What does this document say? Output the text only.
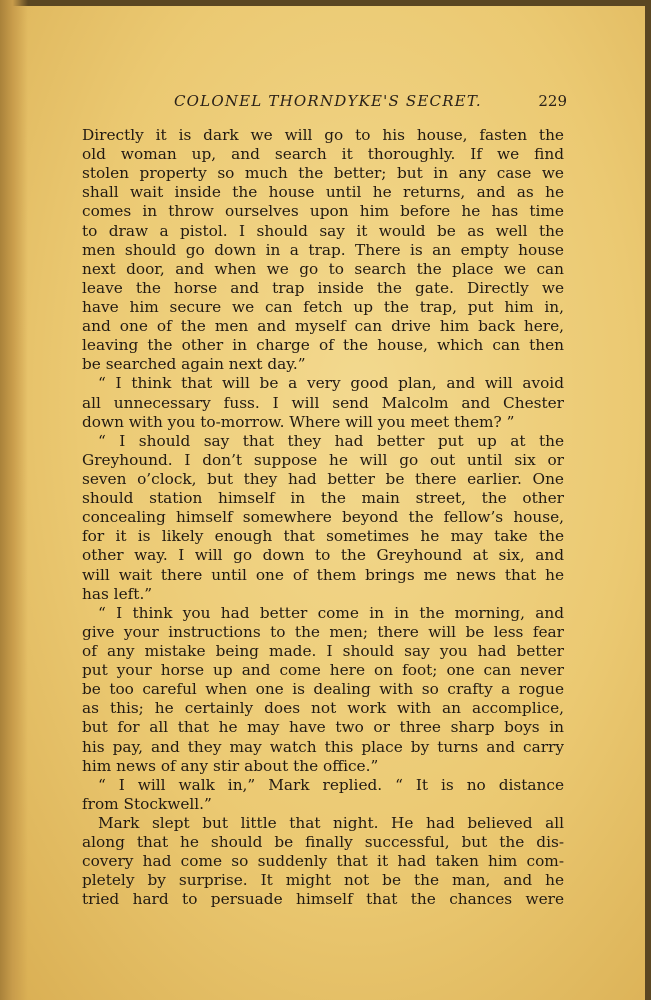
COLONEL THORNDYKE'S SECRET.	229
Directly it is dark we will go to his house, fasten the
old woman up, and search it thoroughly. If we find
stolen property so much the better; but in any case we
shall wait inside the house until he returns, and as he
comes in throw ourselves upon him before he has time
to draw a pistol. I should say it would be as well the
men should go down in a trap. There is an empty house
next door, and when we go to search the place we can
leave the horse and trap inside the gate. Directly we
have him secure we can fetch up the trap, put him in,
and one of the men and myself can drive him back here,
leaving the other in charge of the house, which can then
be searched again next day.”
“ I think that will be a very good plan, and will avoid
all unnecessary fuss. I will send Malcolm and Chester
down with you to-morrow. Where will you meet them? ”
“ I should say that they had better put up at the
Greyhound. I don’t suppose he will go out until six or
seven o’clock, but they had better be there earlier. One
should station himself in the main street, the other
concealing himself somewhere beyond the fellow’s house,
for it is likely enough that sometimes he may take the
other way. I will go down to the Greyhound at six, and
will wait there until one of them brings me news that he
has left.”
“ I think you had better come in in the morning, and
give your instructions to the men; there will be less fear
of any mistake being made. I should say you had better
put your horse up and come here on foot; one can never
be too careful when one is dealing with so crafty a rogue
as this; he certainly does not work with an accomplice,
but for all that he may have two or three sharp boys in
his pay, and they may watch this place by turns and carry
him news of any stir about the office.”
“ I will walk in,” Mark replied. “ It is no distance
from Stockwell.”
Mark slept but little that night. He had believed all
along that he should be finally successful, but the dis-
covery had come so suddenly that it had taken him com-
pletely by surprise. It might not be the man, and he
tried hard to persuade himself that the chances were
